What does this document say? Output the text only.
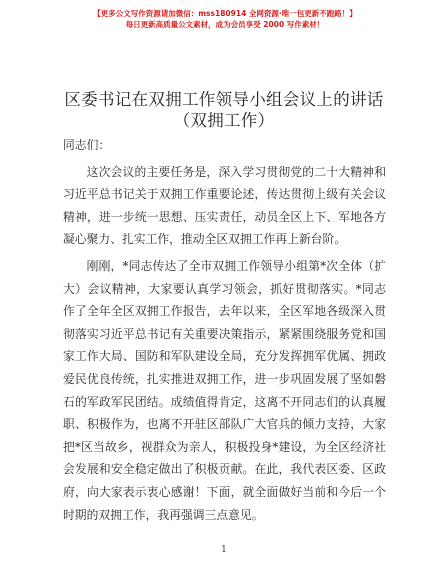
【更多公文写作资源请加微信：mss180914 全网资源·唯一包更新不跑路！】
每日更新高质量公文素材，成为会员享受 2000 写作素材！
区委书记在双拥工作领导小组会议上的讲话
（双拥工作）

同志们：

这次会议的主要任务是，深入学习贯彻党的二十大精神和习近平总书记关于双拥工作重要论述，传达贯彻上级有关会议精神，进一步统一思想、压实责任，动员全区上下、军地各方凝心聚力、扎实工作，推动全区双拥工作再上新台阶。

刚刚，*同志传达了全市双拥工作领导小组第*次全体（扩大）会议精神，大家要认真学习领会，抓好贯彻落实。*同志作了全年全区双拥工作报告，去年以来，全区军地各级深入贯彻落实习近平总书记有关重要决策指示，紧紧围绕服务党和国家工作大局、国防和军队建设全局，充分发挥拥军优属、拥政爱民优良传统，扎实推进双拥工作，进一步巩固发展了坚如磐石的军政军民团结。成绩值得肯定，这离不开同志们的认真履职、积极作为，也离不开驻区部队广大官兵的倾力支持，大家把*区当故乡，视群众为亲人，积极投身*建设，为全区经济社会发展和安全稳定做出了积极贡献。在此，我代表区委、区政府，向大家表示衷心感谢！下面，就全面做好当前和今后一个时期的双拥工作，我再强调三点意见。

1
